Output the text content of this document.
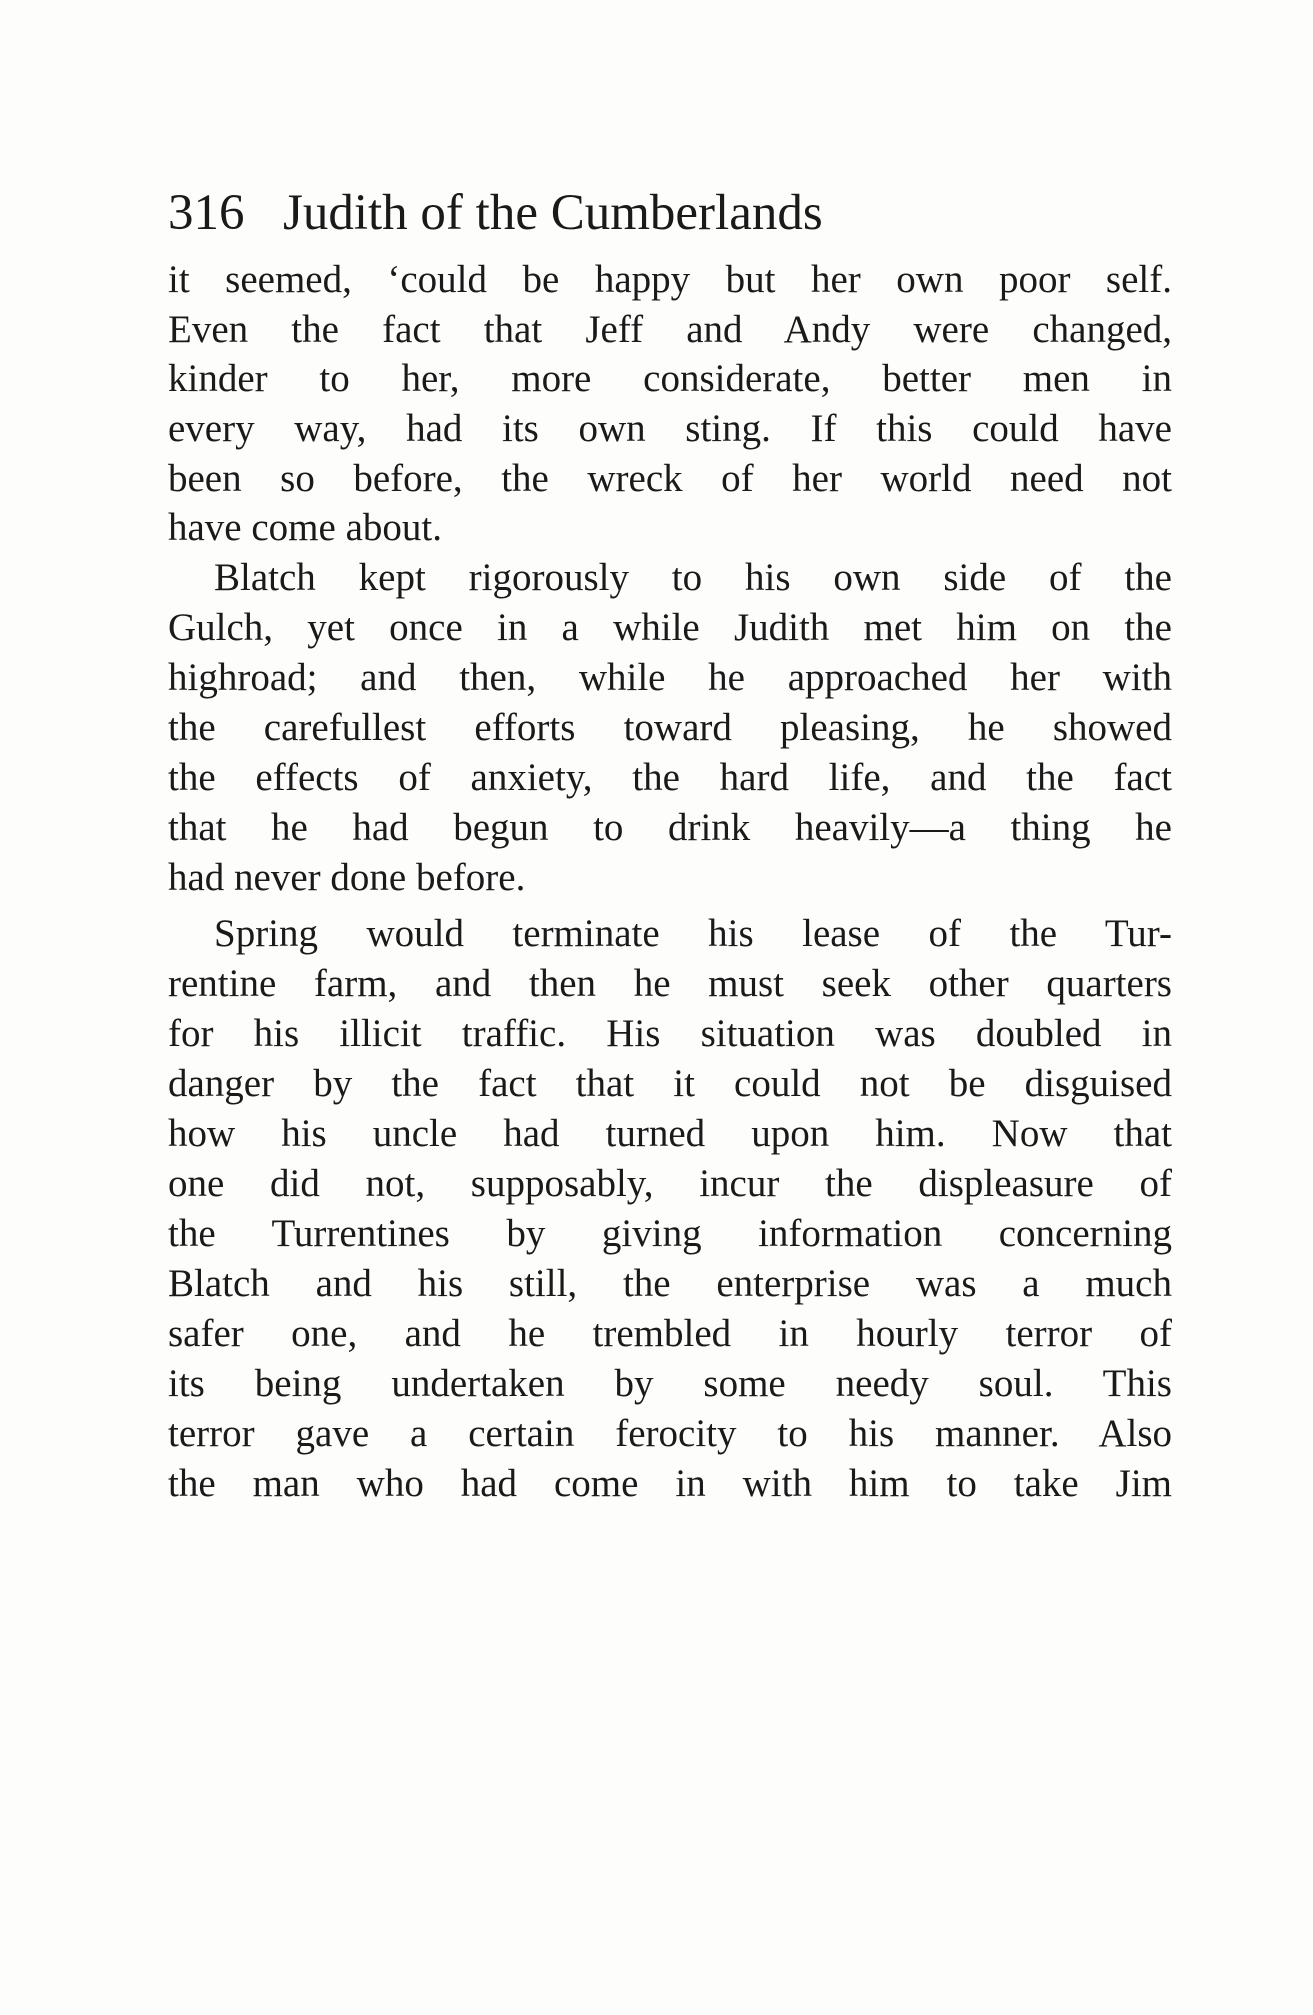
316 Judith of the Cumberlands
it seemed, ‘could be happy but her own poor self.
Even the fact that Jeff and Andy were changed,
kinder to her, more considerate, better men in
every way, had its own sting. If this could have
been so before, the wreck of her world need not
have come about.
Blatch kept rigorously to his own side of the
Gulch, yet once in a while Judith met him on the
highroad; and then, while he approached her with
the carefullest efforts toward pleasing, he showed
the effects of anxiety, the hard life, and the fact
that he had begun to drink heavily—a thing he
had never done before.
Spring would terminate his lease of the Tur-
rentine farm, and then he must seek other quarters
for his illicit traffic. His situation was doubled in
danger by the fact that it could not be disguised
how his uncle had turned upon him. Now that
one did not, supposably, incur the displeasure of
the Turrentines by giving information concerning
Blatch and his still, the enterprise was a much
safer one, and he trembled in hourly terror of
its being undertaken by some needy soul. This
terror gave a certain ferocity to his manner. Also
the man who had come in with him to take Jim
